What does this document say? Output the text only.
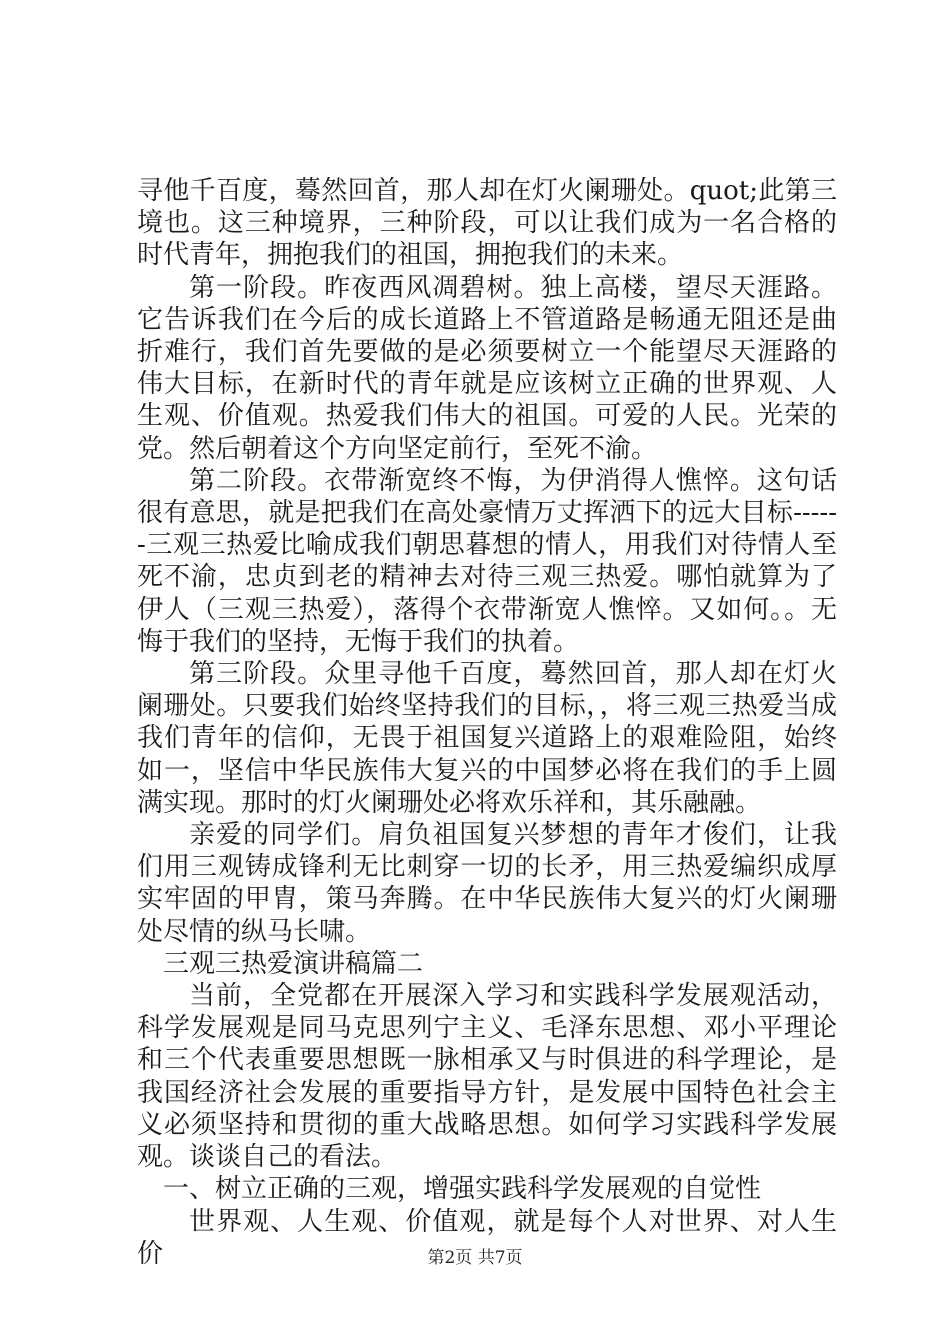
寻他千百度，蓦然回首，那人却在灯火阑珊处。quot;此第三境也。这三种境界，三种阶段，可以让我们成为一名合格的时代青年，拥抱我们的祖国，拥抱我们的未来。

第一阶段。昨夜西风凋碧树。独上高楼，望尽天涯路。它告诉我们在今后的成长道路上不管道路是畅通无阻还是曲折难行，我们首先要做的是必须要树立一个能望尽天涯路的伟大目标，在新时代的青年就是应该树立正确的世界观、人生观、价值观。热爱我们伟大的祖国。可爱的人民。光荣的党。然后朝着这个方向坚定前行，至死不渝。

第二阶段。衣带渐宽终不悔，为伊消得人憔悴。这句话很有意思，就是把我们在高处豪情万丈挥洒下的远大目标------三观三热爱比喻成我们朝思暮想的情人，用我们对待情人至死不渝，忠贞到老的精神去对待三观三热爱。哪怕就算为了伊人（三观三热爱），落得个衣带渐宽人憔悴。又如何。。无悔于我们的坚持，无悔于我们的执着。

第三阶段。众里寻他千百度，蓦然回首，那人却在灯火阑珊处。只要我们始终坚持我们的目标，，将三观三热爱当成我们青年的信仰，无畏于祖国复兴道路上的艰难险阻，始终如一，坚信中华民族伟大复兴的中国梦必将在我们的手上圆满实现。那时的灯火阑珊处必将欢乐祥和，其乐融融。

亲爱的同学们。肩负祖国复兴梦想的青年才俊们，让我们用三观铸成锋利无比刺穿一切的长矛，用三热爱编织成厚实牢固的甲胄，策马奔腾。在中华民族伟大复兴的灯火阑珊处尽情的纵马长啸。

三观三热爱演讲稿篇二

当前，全党都在开展深入学习和实践科学发展观活动，科学发展观是同马克思列宁主义、毛泽东思想、邓小平理论和三个代表重要思想既一脉相承又与时俱进的科学理论，是我国经济社会发展的重要指导方针，是发展中国特色社会主义必须坚持和贯彻的重大战略思想。如何学习实践科学发展观。谈谈自己的看法。

一、树立正确的三观，增强实践科学发展观的自觉性

世界观、人生观、价值观，就是每个人对世界、对人生价	第2页 共7页
